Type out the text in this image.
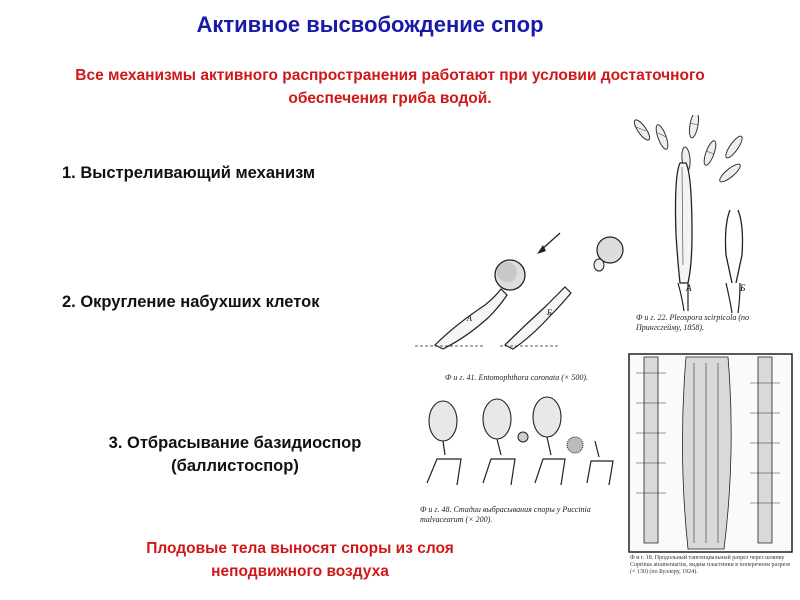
Активное высвобождение спор
Все механизмы активного распространения работают при условии достаточного обеспечения гриба водой.
1. Выстреливающий механизм
2. Округление набухших клеток
3. Отбрасывание базидиоспор (баллистоспор)
Плодовые тела выносят споры из слоя неподвижного воздуха
A	Б
Ф и г. 22. Pleospora scirpicola (по Прингсгейму, 1858).
A
Б
Ф и г. 41. Entomophthora coronata (× 500).
Ф и г. 48. Стадии выбрасывания споры у Puccinia malvacearum (× 200).
Ф и г. 18. Продольный тангенциальный разрез через шляпку Coprinus atramentarius, видны пластинки в поперечном разрезе (× 130) (по Буллеру, 1924).
